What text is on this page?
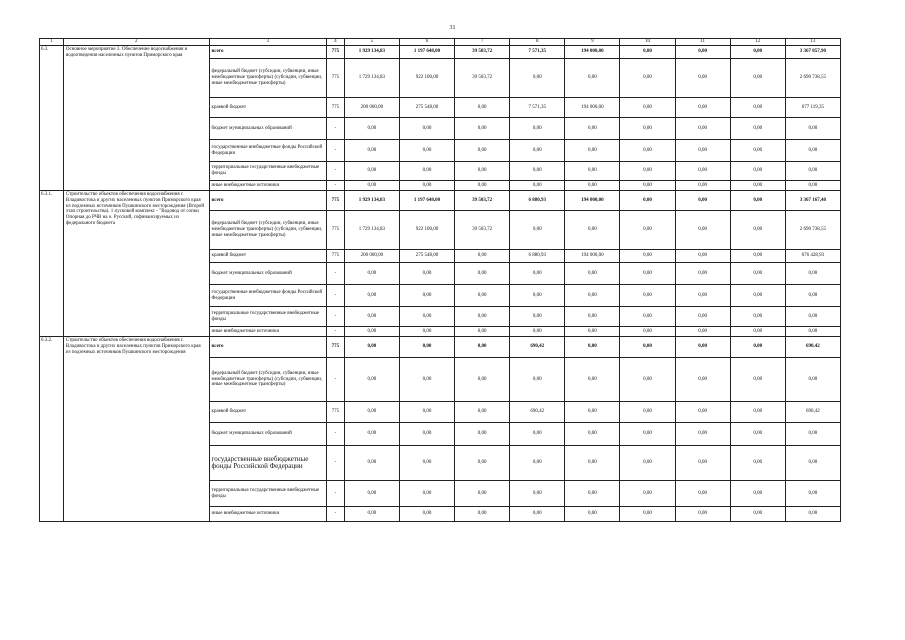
31
1	2	3	4	5	6	7	8	9	10	11	12	13
6.3.	Основное мероприятие 3. Обеспечение водоснабжения и водоотведения населенных пунктов Приморского края	всего	775	1 929 134,83	1 197 648,00	39 503,72	7 571,35	194 000,00	0,00	0,00	0,00	3 367 857,90
		федеральный бюджет (субсидии, субвенции, иные межбюджетные трансферты) (субсидии, субвенции, иные межбюджетные трансферты)	775	1 729 134,83	922 100,00	39 503,72	0,00	0,00	0,00	0,00	0,00	2 690 738,55
		краевой бюджет	775	200 000,00	275 548,00	0,00	7 571,35	194 000,00	0,00	0,00	0,00	677 119,35
		бюджет муниципальных образований	-	0,00	0,00	0,00	0,00	0,00	0,00	0,00	0,00	0,00
		государственные внебюджетные фонды Российской Федерации	-	0,00	0,00	0,00	0,00	0,00	0,00	0,00	0,00	0,00
		территориальные государственные внебюджетные фонды	-	0,00	0,00	0,00	0,00	0,00	0,00	0,00	0,00	0,00
		иные внебюджетные источники	-	0,00	0,00	0,00	0,00	0,00	0,00	0,00	0,00	0,00
6.3.1.	Строительство объектов обеспечения водоснабжения г. Владивостока и других населенных пунктов Приморского края из подземных источников Пушкинского месторождения (Второй этап строительства). 1 пусковой комплекс - "Водовод от сопки Опорная до РЧВ на о. Русский, софинансируемых из федерального бюджета	всего	775	1 929 134,83	1 197 648,00	39 503,72	6 880,93	194 000,00	0,00	0,00	0,00	3 367 167,48
		федеральный бюджет (субсидии, субвенции, иные межбюджетные трансферты) (субсидии, субвенции, иные межбюджетные трансферты)	775	1 729 134,83	922 100,00	39 503,72	0,00	0,00	0,00	0,00	0,00	2 690 738,55
		краевой бюджет	775	200 000,00	275 548,00	0,00	6 880,93	194 000,00	0,00	0,00	0,00	676 428,93
		бюджет муниципальных образований	-	0,00	0,00	0,00	0,00	0,00	0,00	0,00	0,00	0,00
		государственные внебюджетные фонды Российской Федерации	-	0,00	0,00	0,00	0,00	0,00	0,00	0,00	0,00	0,00
		территориальные государственные внебюджетные фонды	-	0,00	0,00	0,00	0,00	0,00	0,00	0,00	0,00	0,00
		иные внебюджетные источники	-	0,00	0,00	0,00	0,00	0,00	0,00	0,00	0,00	0,00
6.3.2.	Строительство объектов обеспечения водоснабжения г. Владивостока и других населенных пунктов Приморского края из подземных источников Пушкинского месторождения	всего	775	0,00	0,00	0,00	690,42	0,00	0,00	0,00	0,00	690,42
		федеральный бюджет (субсидии, субвенции, иные межбюджетные трансферты) (субсидии, субвенции, иные межбюджетные трансферты)	-	0,00	0,00	0,00	0,00	0,00	0,00	0,00	0,00	0,00
		краевой бюджет	775	0,00	0,00	0,00	690,42	0,00	0,00	0,00	0,00	690,42
		бюджет муниципальных образований	-	0,00	0,00	0,00	0,00	0,00	0,00	0,00	0,00	0,00
		государственные внебюджетные фонды Российской Федерации	-	0,00	0,00	0,00	0,00	0,00	0,00	0,00	0,00	0,00
		территориальные государственные внебюджетные фонды	-	0,00	0,00	0,00	0,00	0,00	0,00	0,00	0,00	0,00
		иные внебюджетные источники	-	0,00	0,00	0,00	0,00	0,00	0,00	0,00	0,00	0,00
